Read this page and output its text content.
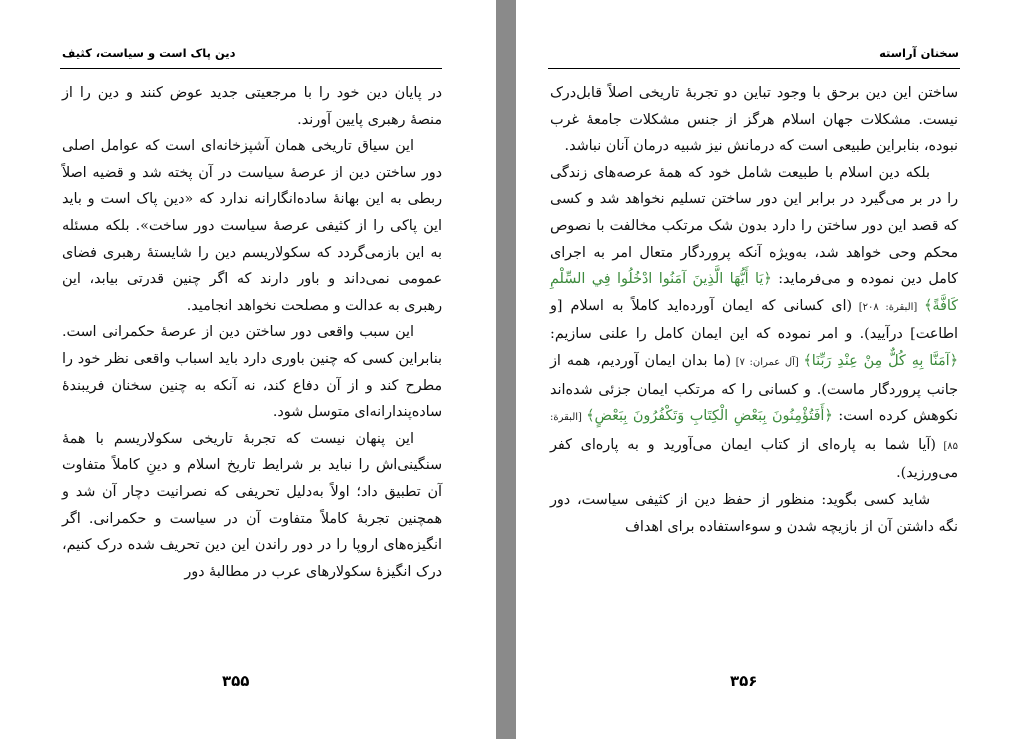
دین پاک است و سیاست، کثیف

در پایان دین خود را با مرجعیتی جدید عوض کنند و دین را از منصهٔ رهبری پایین آورند.

این سیاق تاریخی همان آشپزخانه‌ای است که عوامل اصلی دور ساختن دین از عرصهٔ سیاست در آن پخته شد و قضیه اصلاً ربطی به این بهانهٔ ساده‌انگارانه ندارد که «دین پاک است و باید این پاکی را از کثیفی عرصهٔ سیاست دور ساخت». بلکه مسئله به این بازمی‌گردد که سکولاریسم دین را شایستهٔ رهبری فضای عمومی نمی‌داند و باور دارند که اگر چنین قدرتی بیابد، این رهبری به عدالت و مصلحت نخواهد انجامید.

این سبب واقعی دور ساختن دین از عرصهٔ حکمرانی است. بنابراین کسی که چنین باوری دارد باید اسباب واقعی نظر خود را مطرح کند و از آن دفاع کند، نه آنکه به چنین سخنان فریبندهٔ ساده‌پندارانه‌ای متوسل شود.

این پنهان نیست که تجربهٔ تاریخی سکولاریسم با همهٔ سنگینی‌اش را نباید بر شرایط تاریخ اسلام و دینِ کاملاً متفاوت آن تطبیق داد؛ اولاً به‌دلیل تحریفی که نصرانیت دچار آن شد و همچنین تجربهٔ کاملاً متفاوت آن در سیاست و حکمرانی. اگر انگیزه‌های اروپا را در دور راندن این دین تحریف شده درک کنیم، درک انگیزهٔ سکولارهای عرب در مطالبهٔ دور

۳۵۵
سخنان آراسته

ساختن این دین برحق با وجود تباین دو تجربهٔ تاریخی اصلاً قابل‌درک نیست. مشکلات جهان اسلام هرگز از جنس مشکلات جامعهٔ غرب نبوده، بنابراین طبیعی است که درمانش نیز شبیه درمان آنان نباشد.

بلکه دین اسلام با طبیعت شامل خود که همهٔ عرصه‌های زندگی را در بر می‌گیرد در برابر این دور ساختن تسلیم نخواهد شد و کسی که قصد این دور ساختن را دارد بدون شک مرتکب مخالفت با نصوص محکم وحی خواهد شد، به‌ویژه آنکه پروردگار متعال امر به اجرای کامل دین نموده و می‌فرماید: ﴿يَا أَيُّهَا الَّذِينَ آمَنُوا ادْخُلُوا فِي السِّلْمِ كَافَّةً﴾ [البقرة: ۲۰۸] (ای کسانی که ایمان آورده‌اید کاملاً به اسلام [و اطاعت] درآیید). و امر نموده که این ایمان کامل را علنی سازیم: ﴿آمَنَّا بِهِ كُلٌّ مِنْ عِنْدِ رَبِّنَا﴾ [آل عمران: ۷] (ما بدان ایمان آوردیم، همه از جانب پروردگار ماست). و کسانی را که مرتکب ایمان جزئی شده‌اند نکوهش کرده است: ﴿أَفَتُؤْمِنُونَ بِبَعْضِ الْكِتَابِ وَتَكْفُرُونَ بِبَعْضٍ﴾ [البقرة: ۸۵] (آیا شما به پاره‌ای از کتاب ایمان می‌آورید و به پاره‌ای کفر می‌ورزید).

شاید کسی بگوید: منظور از حفظ دین از کثیفی سیاست، دور نگه داشتن آن از بازیچه شدن و سوءاستفاده برای اهداف

۳۵۶
